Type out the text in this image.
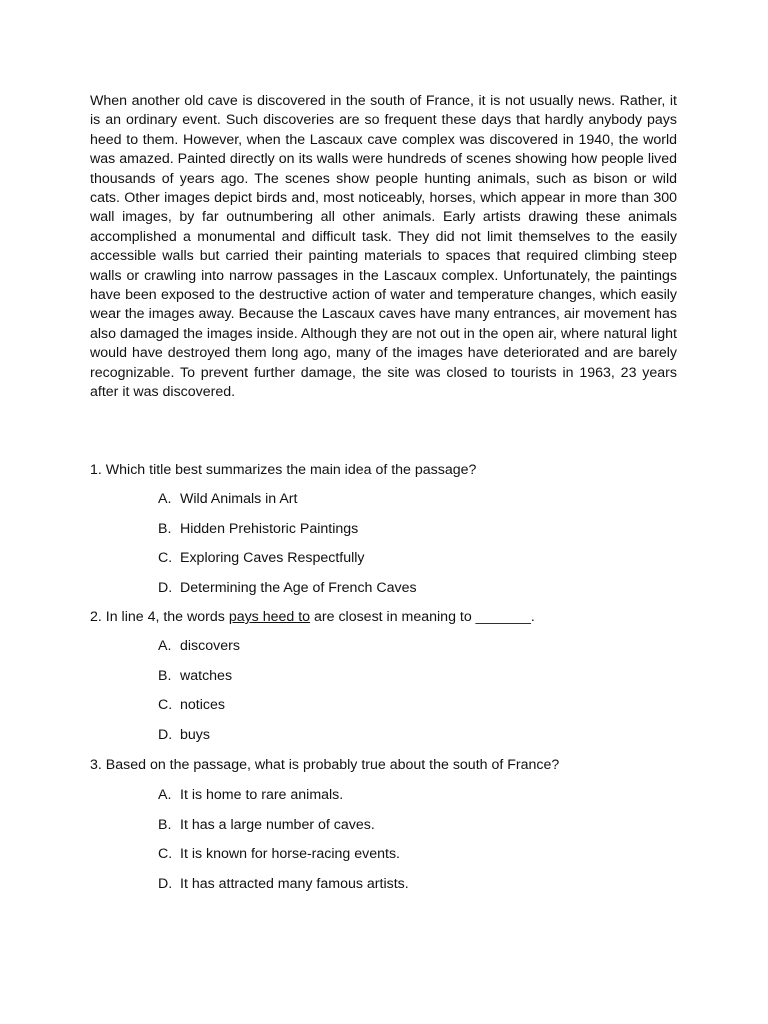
When another old cave is discovered in the south of France, it is not usually news. Rather, it is an ordinary event. Such discoveries are so frequent these days that hardly anybody pays heed to them. However, when the Lascaux cave complex was discovered in 1940, the world was amazed. Painted directly on its walls were hundreds of scenes showing how people lived thousands of years ago. The scenes show people hunting animals, such as bison or wild cats. Other images depict birds and, most noticeably, horses, which appear in more than 300 wall images, by far outnumbering all other animals. Early artists drawing these animals accomplished a monumental and difficult task. They did not limit themselves to the easily accessible walls but carried their painting materials to spaces that required climbing steep walls or crawling into narrow passages in the Lascaux complex. Unfortunately, the paintings have been exposed to the destructive action of water and temperature changes, which easily wear the images away. Because the Lascaux caves have many entrances, air movement has also damaged the images inside. Although they are not out in the open air, where natural light would have destroyed them long ago, many of the images have deteriorated and are barely recognizable. To prevent further damage, the site was closed to tourists in 1963, 23 years after it was discovered.

1. Which title best summarizes the main idea of the passage?

A. Wild Animals in Art
B. Hidden Prehistoric Paintings
C. Exploring Caves Respectfully
D. Determining the Age of French Caves

2. In line 4, the words pays heed to are closest in meaning to _______.

A. discovers
B. watches
C. notices
D. buys

3. Based on the passage, what is probably true about the south of France?

A. It is home to rare animals.
B. It has a large number of caves.
C. It is known for horse-racing events.
D. It has attracted many famous artists.
